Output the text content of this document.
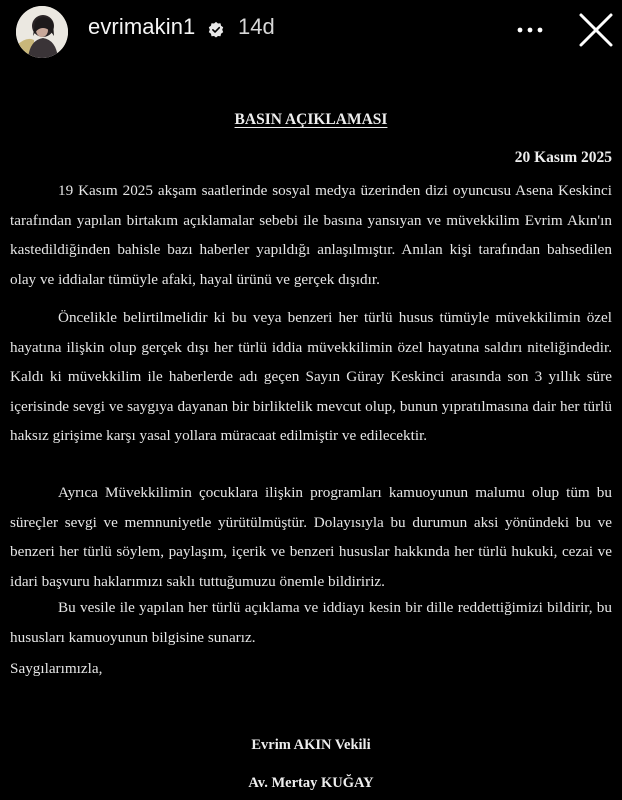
evrimakin1 14d
BASIN AÇIKLAMASI
20 Kasım 2025

19 Kasım 2025 akşam saatlerinde sosyal medya üzerinden dizi oyuncusu Asena Keskinci tarafından yapılan birtakım açıklamalar sebebi ile basına yansıyan ve müvekkilim Evrim Akın'ın kastedildiğinden bahisle bazı haberler yapıldığı anlaşılmıştır. Anılan kişi tarafından bahsedilen olay ve iddialar tümüyle afaki, hayal ürünü ve gerçek dışıdır.

Öncelikle belirtilmelidir ki bu veya benzeri her türlü husus tümüyle müvekkilimin özel hayatına ilişkin olup gerçek dışı her türlü iddia müvekkilimin özel hayatına saldırı niteliğindedir. Kaldı ki müvekkilim ile haberlerde adı geçen Sayın Güray Keskinci arasında son 3 yıllık süre içerisinde sevgi ve saygıya dayanan bir birliktelik mevcut olup, bunun yıpratılmasına dair her türlü haksız girişime karşı yasal yollara müracaat edilmiştir ve edilecektir.

Ayrıca Müvekkilimin çocuklara ilişkin programları kamuoyunun malumu olup tüm bu süreçler sevgi ve memnuniyetle yürütülmüştür. Dolayısıyla bu durumun aksi yönündeki bu ve benzeri her türlü söylem, paylaşım, içerik ve benzeri hususlar hakkında her türlü hukuki, cezai ve idari başvuru haklarımızı saklı tuttuğumuzu önemle bildiririz.

Bu vesile ile yapılan her türlü açıklama ve iddiayı kesin bir dille reddettiğimizi bildirir, bu hususları kamuoyunun bilgisine sunarız.

Saygılarımızla,
Evrim AKIN Vekili
Av. Mertay KUĞAY
